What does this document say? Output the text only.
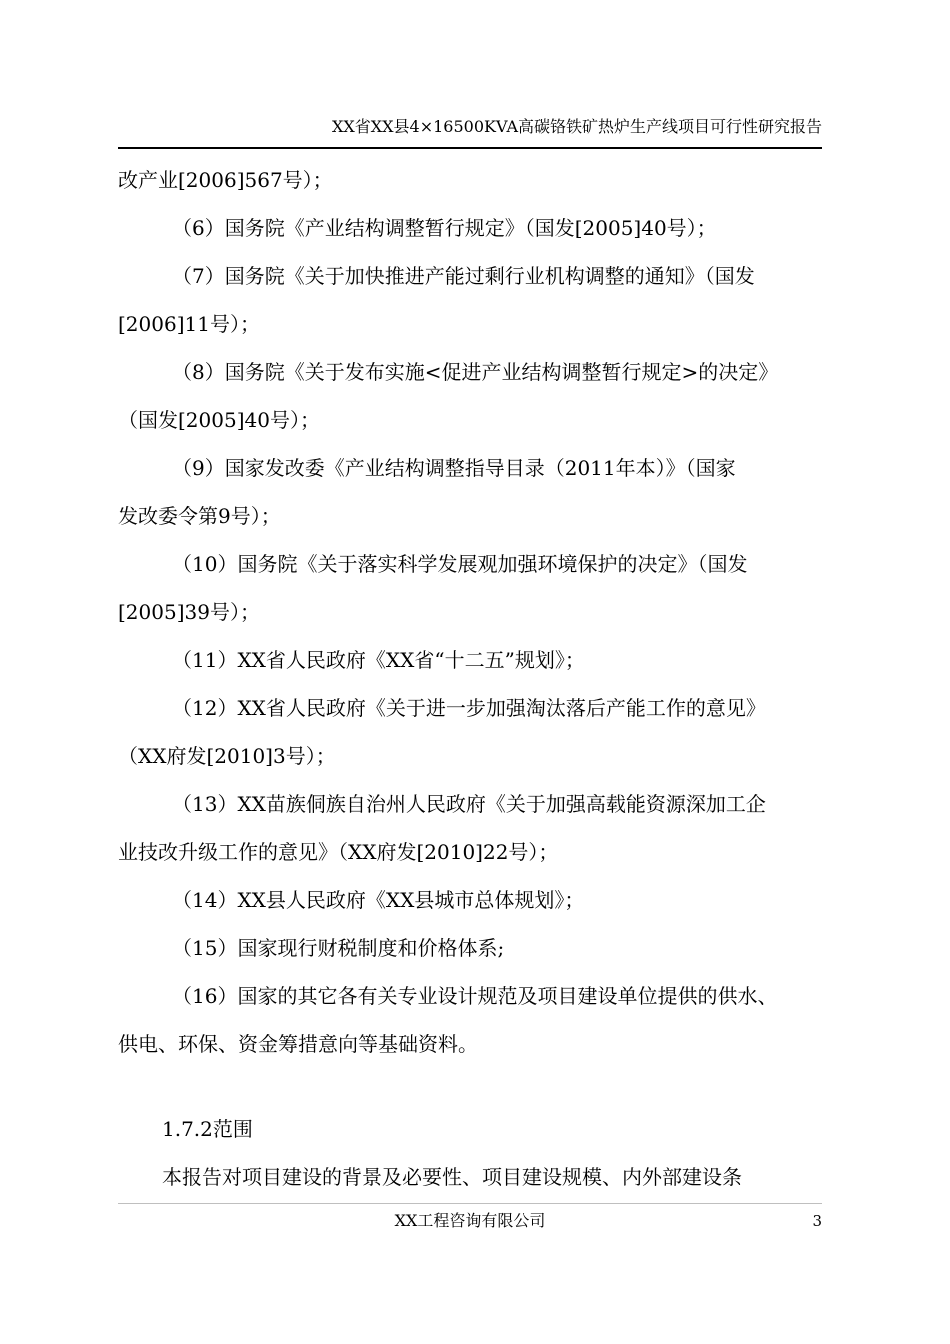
XX省XX县4×16500KVA高碳铬铁矿热炉生产线项目可行性研究报告
改产业[2006]567号）；
（6）国务院《产业结构调整暂行规定》（国发[2005]40号）；
（7）国务院《关于加快推进产能过剩行业机构调整的通知》（国发
[2006]11号）；
（8）国务院《关于发布实施<促进产业结构调整暂行规定>的决定》
（国发[2005]40号）；
（9）国家发改委《产业结构调整指导目录（2011年本）》（国家
发改委令第9号）；
（10）国务院《关于落实科学发展观加强环境保护的决定》（国发
[2005]39号）；
（11）XX省人民政府《XX省“十二五”规划》；
（12）XX省人民政府《关于进一步加强淘汰落后产能工作的意见》
（XX府发[2010]3号）；
（13）XX苗族侗族自治州人民政府《关于加强高载能资源深加工企
业技改升级工作的意见》（XX府发[2010]22号）；
（14）XX县人民政府《XX县城市总体规划》；
（15）国家现行财税制度和价格体系;
（16）国家的其它各有关专业设计规范及项目建设单位提供的供水、
供电、环保、资金筹措意向等基础资料。
1.7.2范围
本报告对项目建设的背景及必要性、项目建设规模、内外部建设条
XX工程咨询有限公司	3
